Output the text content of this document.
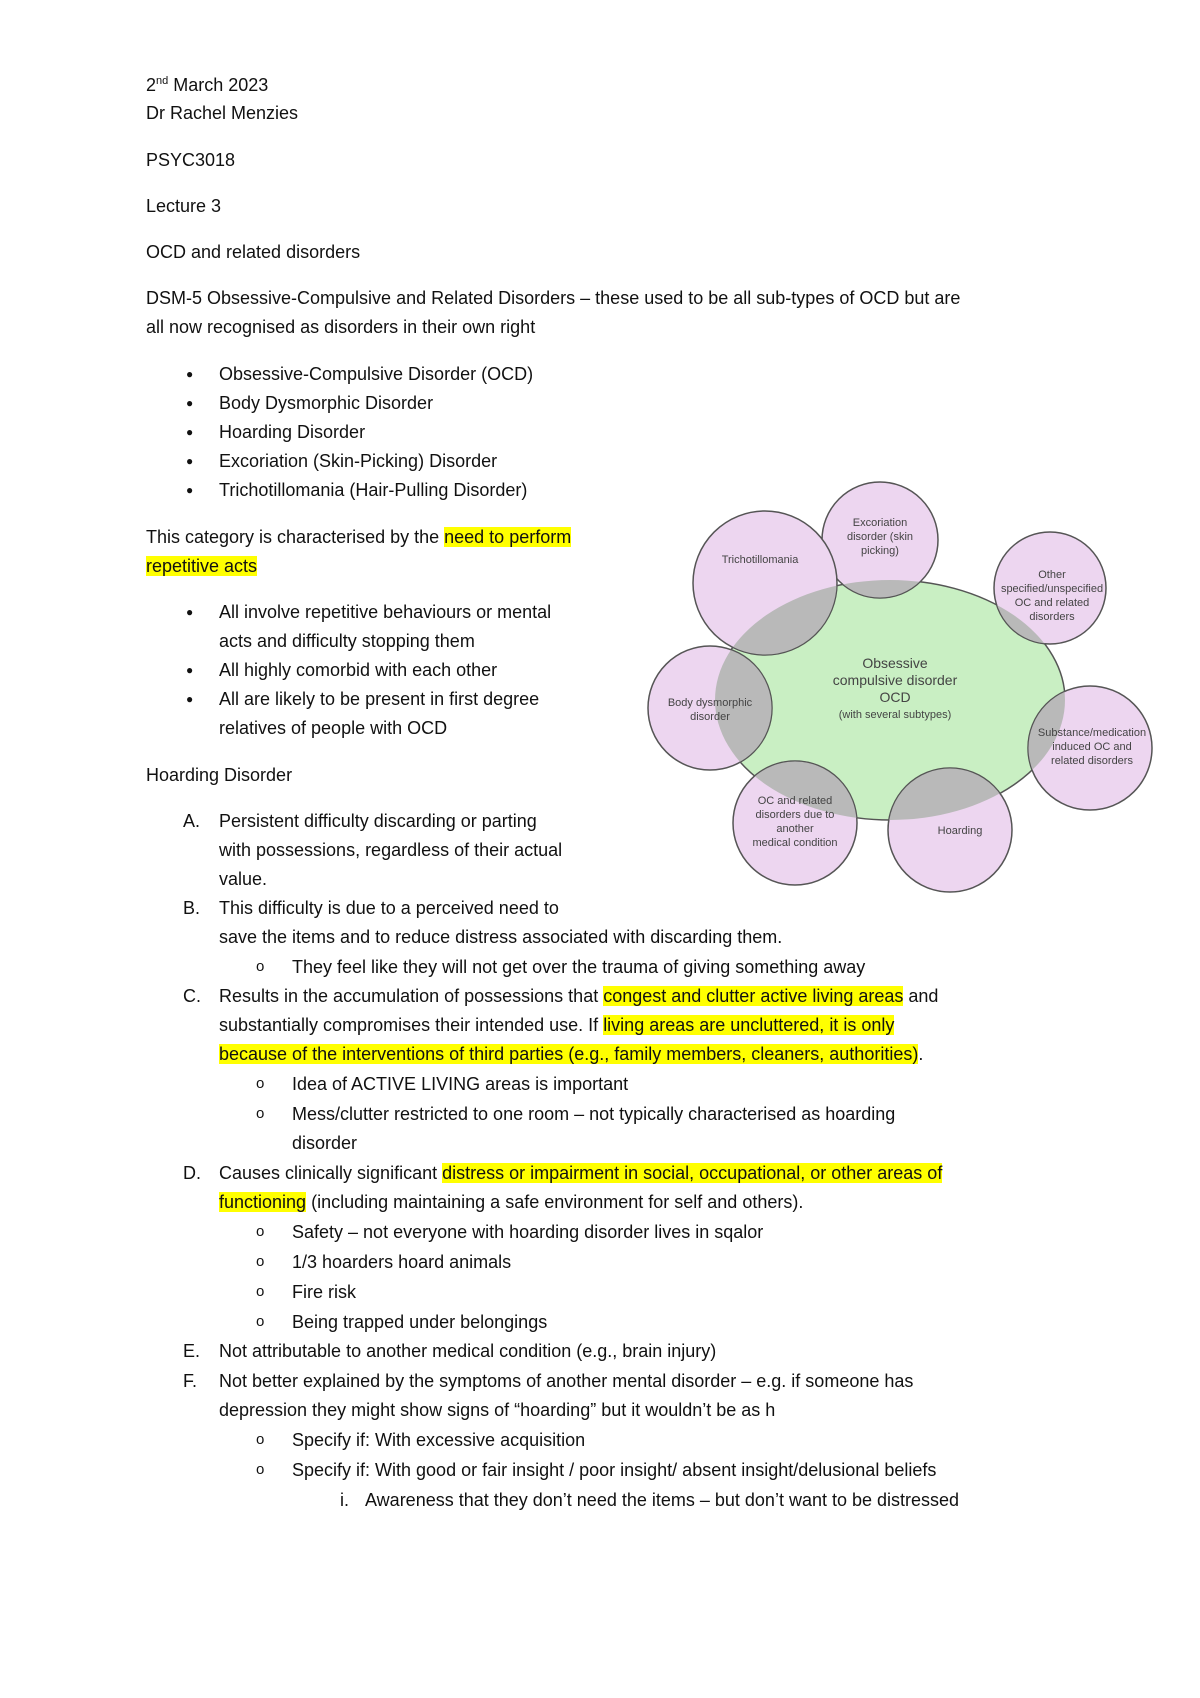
2nd March 2023
Dr Rachel Menzies
PSYC3018
Lecture 3
OCD and related disorders
DSM-5 Obsessive-Compulsive and Related Disorders – these used to be all sub-types of OCD but are
all now recognised as disorders in their own right
● Obsessive-Compulsive Disorder (OCD)
● Body Dysmorphic Disorder
● Hoarding Disorder
● Excoriation (Skin-Picking) Disorder
● Trichotillomania (Hair-Pulling Disorder)
This category is characterised by the need to perform
repetitive acts
● All involve repetitive behaviours or mental
acts and difficulty stopping them
● All highly comorbid with each other
● All are likely to be present in first degree
relatives of people with OCD
Hoarding Disorder
A. Persistent difficulty discarding or parting
with possessions, regardless of their actual
value.
B. This difficulty is due to a perceived need to
save the items and to reduce distress associated with discarding them.
o They feel like they will not get over the trauma of giving something away
C. Results in the accumulation of possessions that congest and clutter active living areas and
substantially compromises their intended use. If living areas are uncluttered, it is only
because of the interventions of third parties (e.g., family members, cleaners, authorities).
o Idea of ACTIVE LIVING areas is important
o Mess/clutter restricted to one room – not typically characterised as hoarding
disorder
D. Causes clinically significant distress or impairment in social, occupational, or other areas of
functioning (including maintaining a safe environment for self and others).
o Safety – not everyone with hoarding disorder lives in sqalor
o 1/3 hoarders hoard animals
o Fire risk
o Being trapped under belongings
E. Not attributable to another medical condition (e.g., brain injury)
F. Not better explained by the symptoms of another mental disorder – e.g. if someone has
depression they might show signs of “hoarding” but it wouldn’t be as h
o Specify if: With excessive acquisition
o Specify if: With good or fair insight / poor insight/ absent insight/delusional beliefs
i. Awareness that they don’t need the items – but don’t want to be distressed
Obsessive
compulsive disorder
OCD
(with several subtypes)
Excoriation
disorder (skin
picking)
Other
specified/unspecified
OC and related
disorders
Substance/medication
induced OC and
related disorders
Hoarding
OC and related
disorders due to
another
medical condition
Body dysmorphic
disorder
Trichotillomania
